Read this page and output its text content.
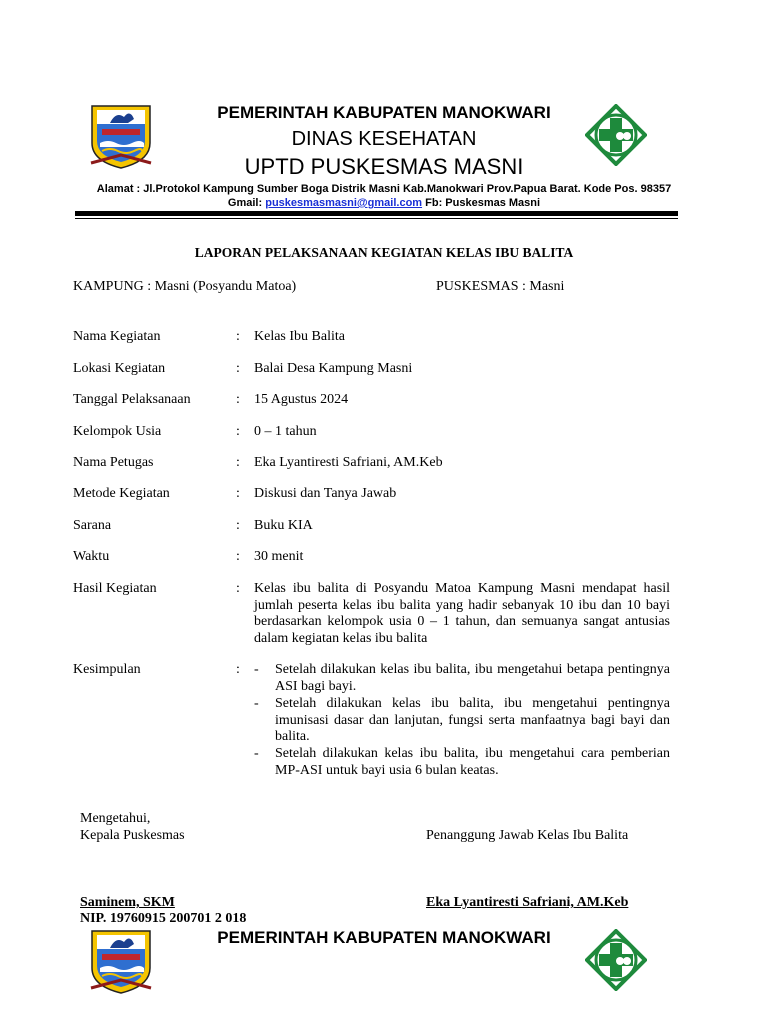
PEMERINTAH KABUPATEN MANOKWARI
DINAS KESEHATAN
UPTD PUSKESMAS MASNI
Alamat : Jl.Protokol Kampung Sumber Boga Distrik Masni Kab.Manokwari Prov.Papua Barat. Kode Pos. 98357
Gmail: puskesmasmasni@gmail.com Fb: Puskesmas Masni
LAPORAN PELAKSANAAN KEGIATAN KELAS IBU BALITA
KAMPUNG : Masni (Posyandu Matoa)	PUSKESMAS : Masni
Nama Kegiatan	: Kelas Ibu Balita
Lokasi Kegiatan	: Balai Desa Kampung Masni
Tanggal Pelaksanaan	: 15 Agustus 2024
Kelompok Usia	: 0 – 1 tahun
Nama Petugas	: Eka Lyantiresti Safriani, AM.Keb
Metode Kegiatan	: Diskusi dan Tanya Jawab
Sarana	: Buku KIA
Waktu	: 30 menit
Hasil Kegiatan	: Kelas ibu balita di Posyandu Matoa Kampung Masni mendapat hasil jumlah peserta kelas ibu balita yang hadir sebanyak 10 ibu dan 10 bayi berdasarkan kelompok usia 0 – 1 tahun, dan semuanya sangat antusias dalam kegiatan kelas ibu balita
Kesimpulan	: - Setelah dilakukan kelas ibu balita, ibu mengetahui betapa pentingnya ASI bagi bayi.
- Setelah dilakukan kelas ibu balita, ibu mengetahui pentingnya imunisasi dasar dan lanjutan, fungsi serta manfaatnya bagi bayi dan balita.
- Setelah dilakukan kelas ibu balita, ibu mengetahui cara pemberian MP-ASI untuk bayi usia 6 bulan keatas.
Mengetahui,
Kepala Puskesmas	Penanggung Jawab Kelas Ibu Balita
Saminem, SKM
NIP. 19760915 200701 2 018
Eka Lyantiresti Safriani, AM.Keb
PEMERINTAH KABUPATEN MANOKWARI
